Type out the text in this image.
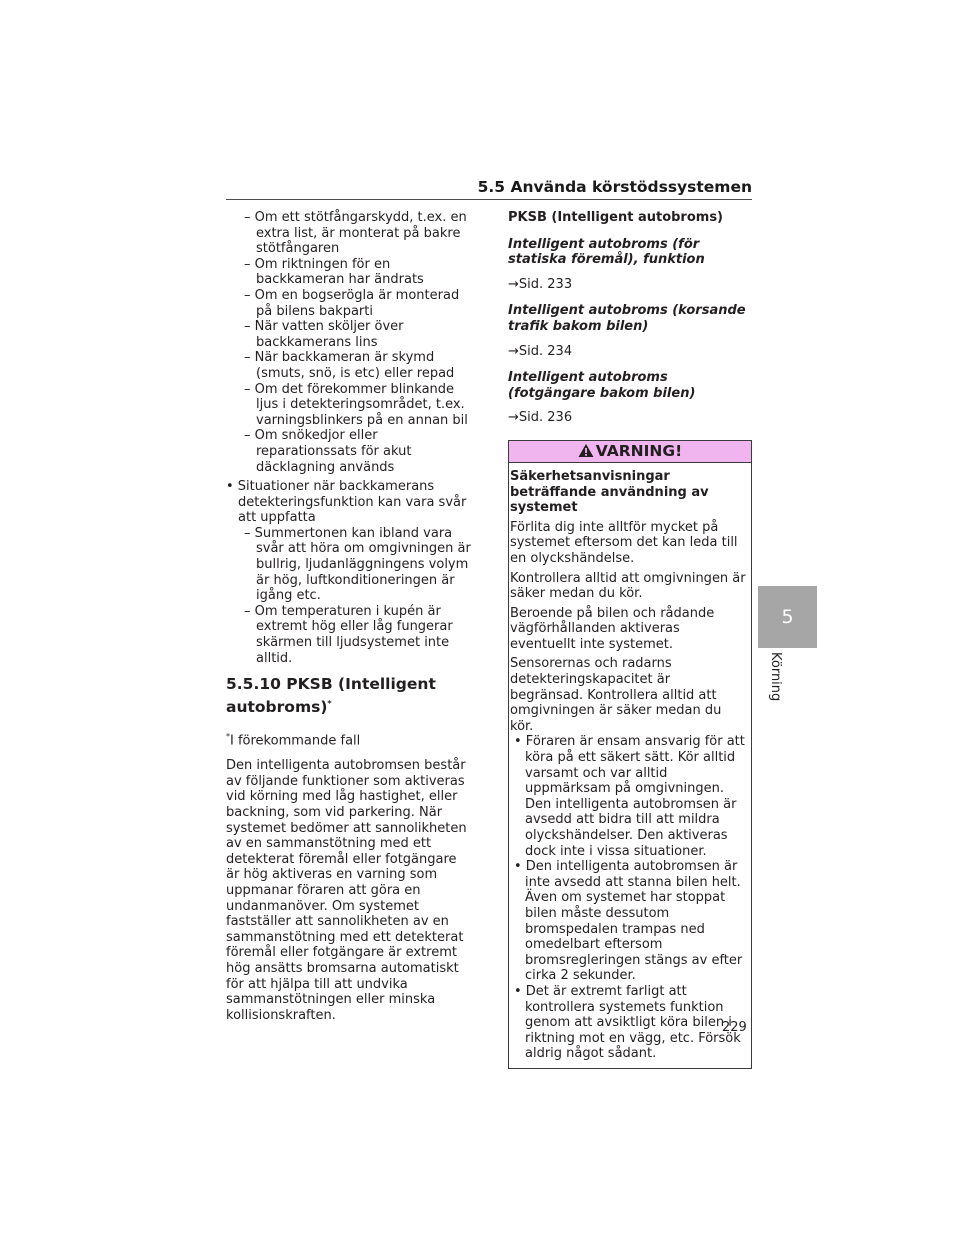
5.5 Använda körstödssystemen
– Om ett stötfångarskydd, t.ex. en extra list, är monterat på bakre stötfångaren
– Om riktningen för en backkameran har ändrats
– Om en bogserögla är monterad på bilens bakparti
– När vatten sköljer över backkamerans lins
– När backkameran är skymd (smuts, snö, is etc) eller repad
– Om det förekommer blinkande ljus i detekteringsområdet, t.ex. varningsblinkers på en annan bil
– Om snökedjor eller reparationssats för akut däcklagning används
• Situationer när backkamerans detekteringsfunktion kan vara svår att uppfatta
– Summertonen kan ibland vara svår att höra om omgivningen är bullrig, ljudanläggningens volym är hög, luftkonditioneringen är igång etc.
– Om temperaturen i kupén är extremt hög eller låg fungerar skärmen till ljudsystemet inte alltid.
5.5.10 PKSB (Intelligent autobroms)*
*I förekommande fall
Den intelligenta autobromsen består av följande funktioner som aktiveras vid körning med låg hastighet, eller backning, som vid parkering. När systemet bedömer att sannolikheten av en sammanstötning med ett detekterat föremål eller fotgängare är hög aktiveras en varning som uppmanar föraren att göra en undanmanöver. Om systemet fastställer att sannolikheten av en sammanstötning med ett detekterat föremål eller fotgängare är extremt hög ansätts bromsarna automatiskt för att hjälpa till att undvika sammanstötningen eller minska kollisionskraften.
PKSB (Intelligent autobroms)
Intelligent autobroms (för statiska föremål), funktion
→Sid. 233
Intelligent autobroms (korsande trafik bakom bilen)
→Sid. 234
Intelligent autobroms (fotgängare bakom bilen)
→Sid. 236
VARNING!
Säkerhetsanvisningar beträffande användning av systemet
Förlita dig inte alltför mycket på systemet eftersom det kan leda till en olyckshändelse.
Kontrollera alltid att omgivningen är säker medan du kör.
Beroende på bilen och rådande vägförhållanden aktiveras eventuellt inte systemet.
Sensorernas och radarns detekteringskapacitet är begränsad. Kontrollera alltid att omgivningen är säker medan du kör.
• Föraren är ensam ansvarig för att köra på ett säkert sätt. Kör alltid varsamt och var alltid uppmärksam på omgivningen. Den intelligenta autobromsen är avsedd att bidra till att mildra olyckshändelser. Den aktiveras dock inte i vissa situationer.
• Den intelligenta autobromsen är inte avsedd att stanna bilen helt. Även om systemet har stoppat bilen måste dessutom bromspedalen trampas ned omedelbart eftersom bromsregleringen stängs av efter cirka 2 sekunder.
• Det är extremt farligt att kontrollera systemets funktion genom att avsiktligt köra bilen i riktning mot en vägg, etc. Försök aldrig något sådant.
5
Körning
229
